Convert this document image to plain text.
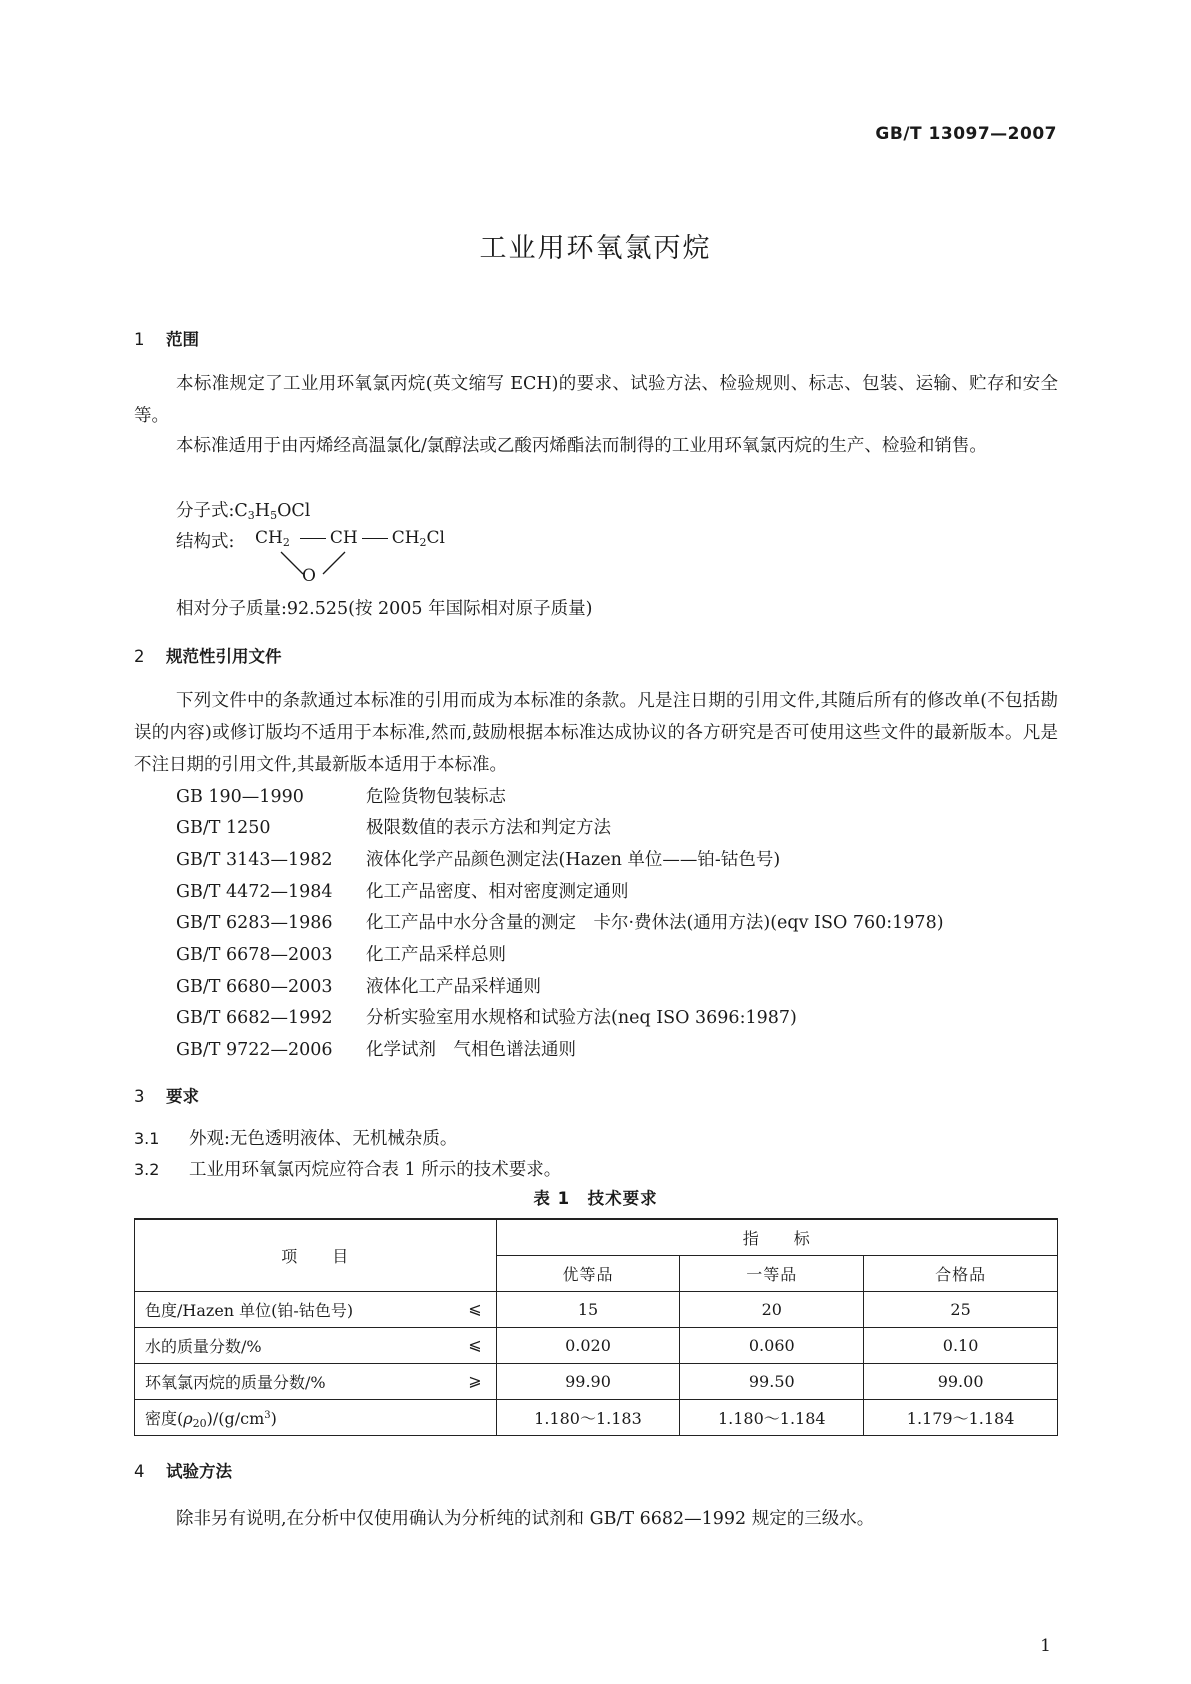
GB/T 13097—2007
工业用环氧氯丙烷
1 范围
本标准规定了工业用环氧氯丙烷(英文缩写 ECH)的要求、试验方法、检验规则、标志、包装、运输、贮存和安全等。
本标准适用于由丙烯经高温氯化/氯醇法或乙酸丙烯酯法而制得的工业用环氧氯丙烷的生产、检验和销售。
分子式$:C_3H_5OCl$
结构式: $CH_2$ CH $CH_2Cl$
O
相对分子质量:92.525(按 2005 年国际相对原子质量)
2 规范性引用文件
下列文件中的条款通过本标准的引用而成为本标准的条款。凡是注日期的引用文件,其随后所有的修改单(不包括勘误的内容)或修订版均不适用于本标准,然而,鼓励根据本标准达成协议的各方研究是否可使用这些文件的最新版本。凡是不注日期的引用文件,其最新版本适用于本标准。
GB 190—1990	危险货物包装标志
GB/T 1250	极限数值的表示方法和判定方法
GB/T 3143—1982 液体化学产品颜色测定法(Hazen 单位——铂-钴色号)
GB/T 4472—1984 化工产品密度、相对密度测定通则
GB/T 6283—1986 化工产品中水分含量的测定　卡尔·费休法(通用方法)(eqv ISO 760:1978)
GB/T 6678—2003 化工产品采样总则
GB/T 6680—2003 液体化工产品采样通则
GB/T 6682—1992 分析实验室用水规格和试验方法(neq ISO 3696:1987)
GB/T 9722—2006 化学试剂　气相色谱法通则
3 要求
3.1 外观:无色透明液体、无机械杂质。
3.2 工业用环氧氯丙烷应符合表 1 所示的技术要求。
表 1　技术要求
项　　目	指　　标		
	优等品	一等品	合格品
色度/Hazen 单位(铂-钴色号) ⩽	15	20	25
水的质量分数/% ⩽	0.020	0.060	0.10
环氧氯丙烷的质量分数/% ⩾	99.90	99.50	99.00
密度$(\rho_{20})/(g/cm^3)$	1.180～1.183	1.180～1.184	1.179～1.184
4 试验方法
除非另有说明,在分析中仅使用确认为分析纯的试剂和 GB/T 6682—1992 规定的三级水。
1
